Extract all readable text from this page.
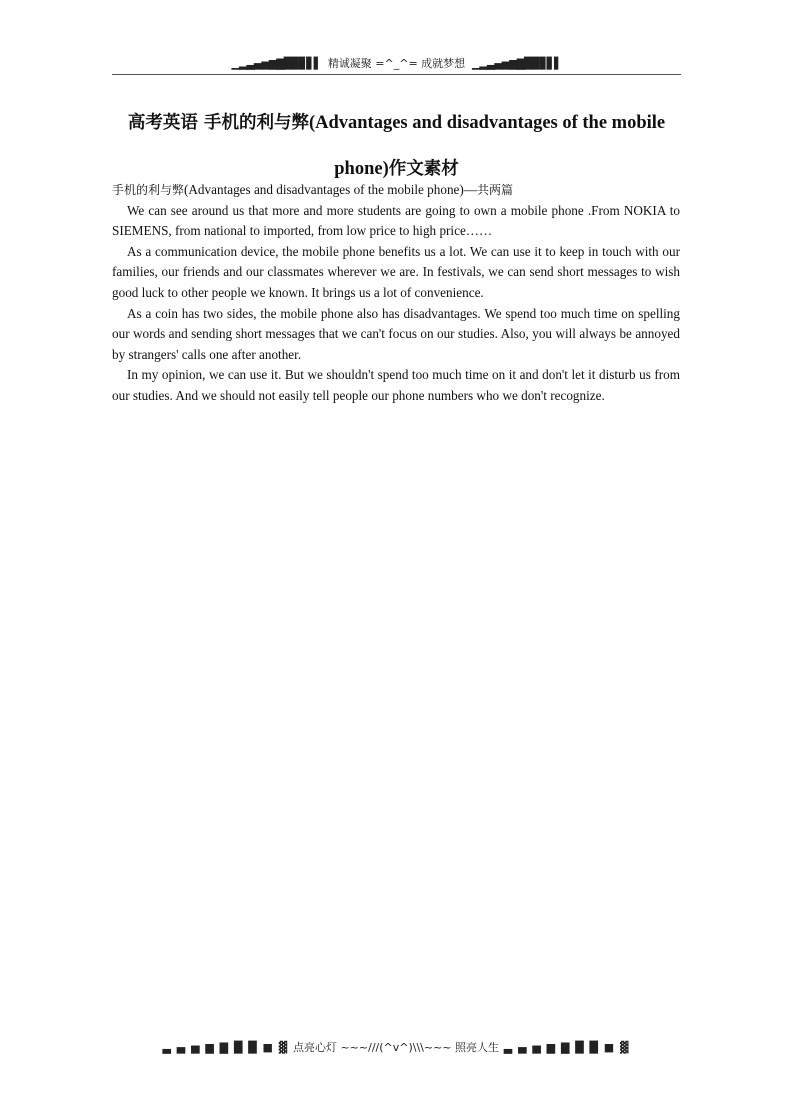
▁▂▃▄▅▆▇█▉▊▋▌ 精诚凝聚 =^_^= 成就梦想 ▁▂▃▄▅▆▇█▉▊▋▌
高考英语 手机的利与弊(Advantages and disadvantages of the mobile phone)作文素材

手机的利与弊(Advantages and disadvantages of the mobile phone)—共两篇

We can see around us that more and more students are going to own a mobile phone .From NOKIA to SIEMENS, from national to imported, from low price to high price……

As a communication device, the mobile phone benefits us a lot. We can use it to keep in touch with our families, our friends and our classmates wherever we are. In festivals, we can send short messages to wish good luck to other people we known. It brings us a lot of convenience.

As a coin has two sides, the mobile phone also has disadvantages. We spend too much time on spelling our words and sending short messages that we can't focus on our studies. Also, you will always be annoyed by strangers' calls one after another.

In my opinion, we can use it. But we shouldn't spend too much time on it and don't let it disturb us from our studies. And we should not easily tell people our phone numbers who we don't recognize.

▃ ▄ ▅ ▆ ▇ █ █ ■ ▓ 点亮心灯 ~~~///(^v^)\\\~~~ 照亮人生 ▃ ▄ ▅ ▆ ▇ █ █ ■ ▓
